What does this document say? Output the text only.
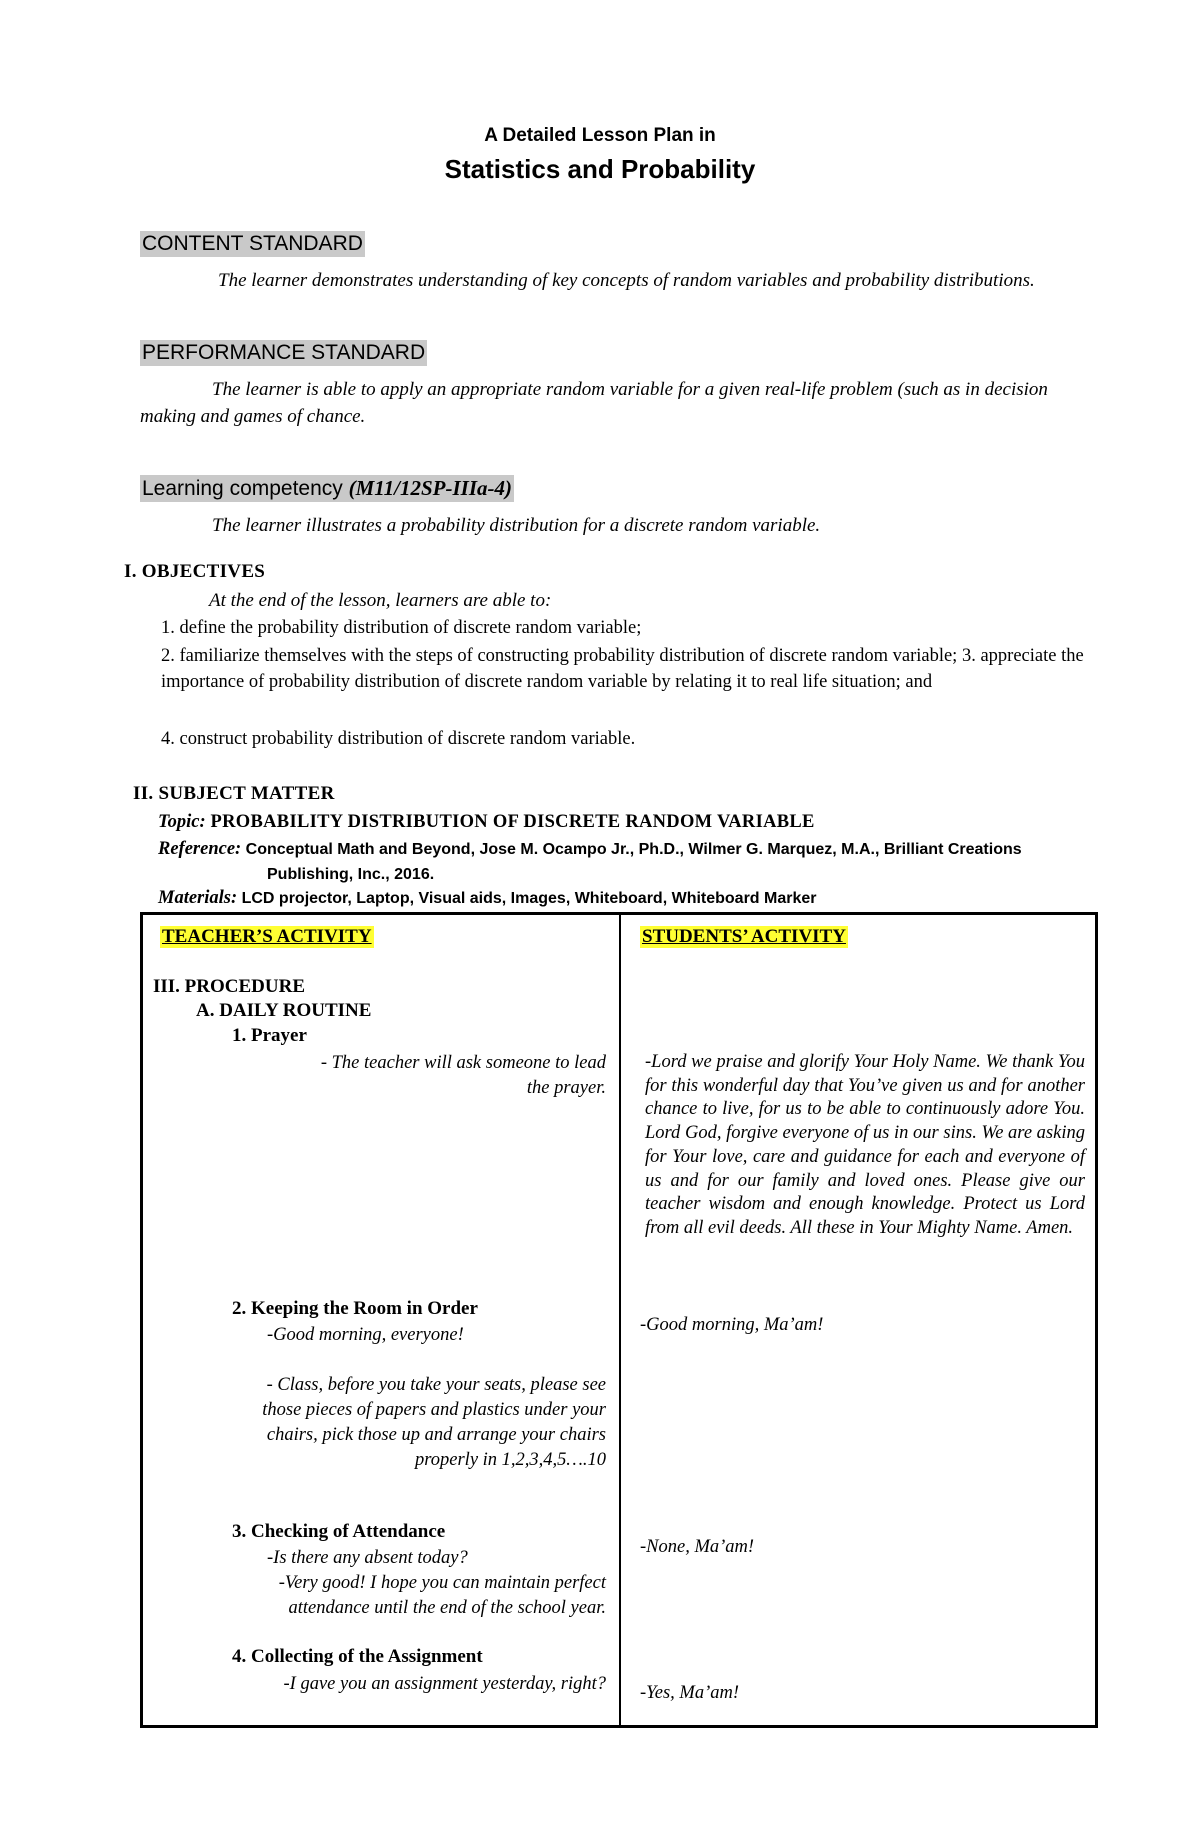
A Detailed Lesson Plan in
Statistics and Probability
CONTENT STANDARD
The learner demonstrates understanding of key concepts of random variables and probability distributions.
PERFORMANCE STANDARD
The learner is able to apply an appropriate random variable for a given real-life problem (such as in decision making and games of chance.
Learning competency (M11/12SP-IIIa-4)
The learner illustrates a probability distribution for a discrete random variable.
I. OBJECTIVES
At the end of the lesson, learners are able to:
1. define the probability distribution of discrete random variable;
2. familiarize themselves with the steps of constructing probability distribution of discrete random variable; 3. appreciate the importance of probability distribution of discrete random variable by relating it to real life situation; and
4. construct probability distribution of discrete random variable.
II. SUBJECT MATTER
Topic: PROBABILITY DISTRIBUTION OF DISCRETE RANDOM VARIABLE
Reference: Conceptual Math and Beyond, Jose M. Ocampo Jr., Ph.D., Wilmer G. Marquez, M.A., Brilliant Creations
Publishing, Inc., 2016.
Materials: LCD projector, Laptop, Visual aids, Images, Whiteboard, Whiteboard Marker
TEACHER’S ACTIVITY	STUDENTS’ ACTIVITY
III. PROCEDURE
A. DAILY ROUTINE
1. Prayer
- The teacher will ask someone to lead the prayer.
-Lord we praise and glorify Your Holy Name. We thank You for this wonderful day that You’ve given us and for another chance to live, for us to be able to continuously adore You. Lord God, forgive everyone of us in our sins. We are asking for Your love, care and guidance for each and everyone of us and for our family and loved ones. Please give our teacher wisdom and enough knowledge. Protect us Lord from all evil deeds. All these in Your Mighty Name. Amen.
2. Keeping the Room in Order
-Good morning, everyone!
- Class, before you take your seats, please see those pieces of papers and plastics under your chairs, pick those up and arrange your chairs properly in 1,2,3,4,5….10
-Good morning, Ma’am!
3. Checking of Attendance
-Is there any absent today?
-Very good! I hope you can maintain perfect attendance until the end of the school year.
-None, Ma’am!
4. Collecting of the Assignment
-I gave you an assignment yesterday, right? -Yes, Ma’am!
